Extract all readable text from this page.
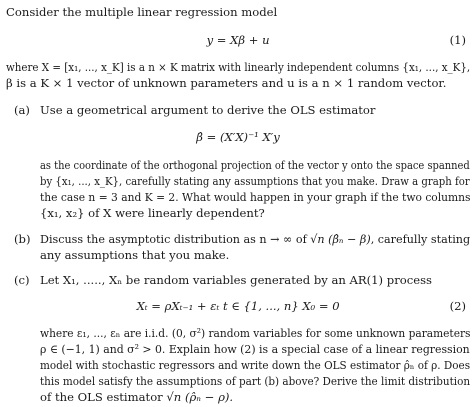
Consider the multiple linear regression model
y = Xβ + u	(1)
where X = [x₁, ..., x_K] is a n × K matrix with linearly independent columns {x₁, ..., x_K},
β is a K × 1 vector of unknown parameters and u is a n × 1 random vector.
(a) Use a geometrical argument to derive the OLS estimator
β̂ = (X′X)⁻¹ X′y
as the coordinate of the orthogonal projection of the vector y onto the space spanned
by {x₁, ..., x_K}, carefully stating any assumptions that you make. Draw a graph for
the case n = 3 and K = 2. What would happen in your graph if the two columns
{x₁, x₂} of X were linearly dependent?
(b) Discuss the asymptotic distribution as n → ∞ of √n (β̂ₙ − β), carefully stating
any assumptions that you make.
(c) Let X₁, ....., Xₙ be random variables generated by an AR(1) process
Xₜ = ρXₜ₋₁ + εₜ t ∈ {1, ..., n} X₀ = 0	(2)
where ε₁, ..., εₙ are i.i.d. (0, σ²) random variables for some unknown parameters
ρ ∈ (−1, 1) and σ² > 0. Explain how (2) is a special case of a linear regression
model with stochastic regressors and write down the OLS estimator ρ̂ₙ of ρ. Does
this model satisfy the assumptions of part (b) above? Derive the limit distribution
of the OLS estimator √n (ρ̂ₙ − ρ).
